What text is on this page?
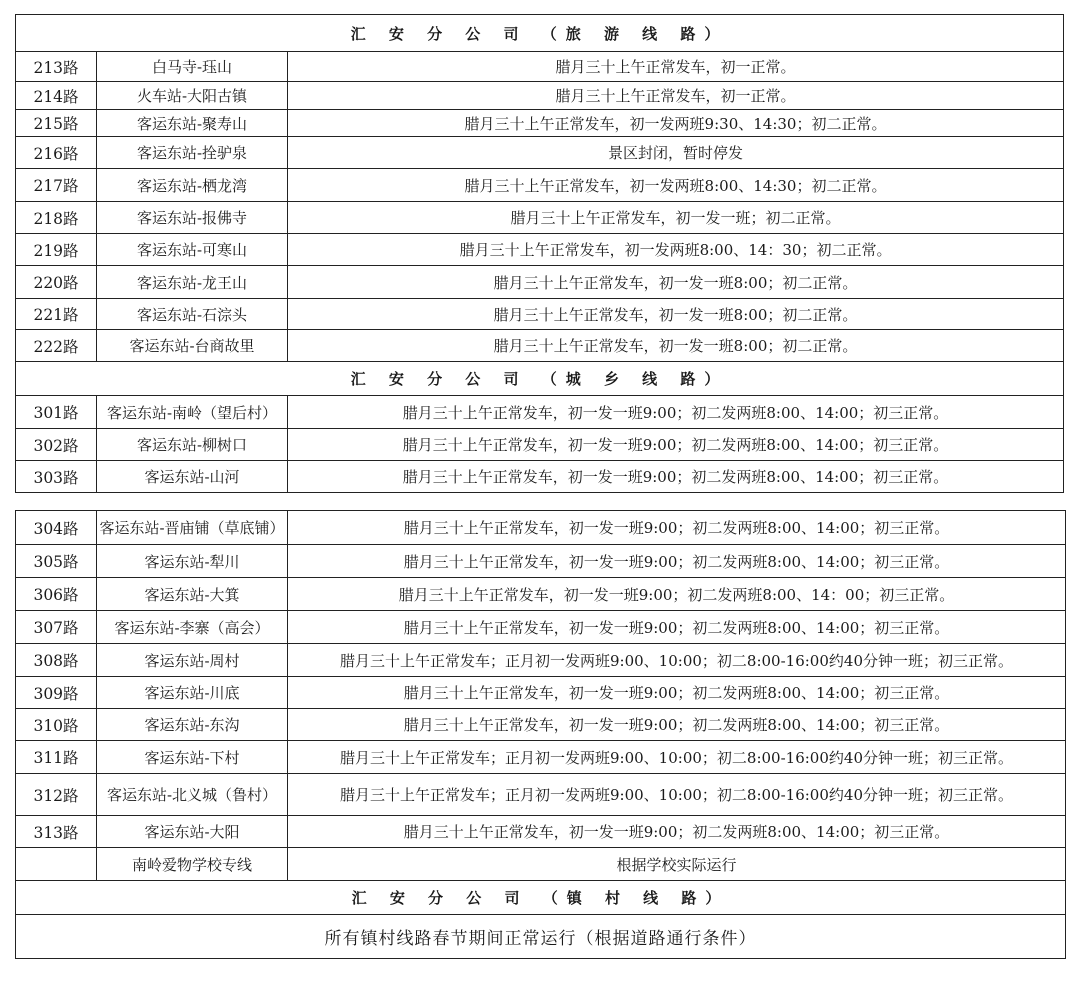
汇 安 分 公 司 （旅 游 线 路）		
213路	白马寺-珏山	腊月三十上午正常发车，初一正常。
214路	火车站-大阳古镇	腊月三十上午正常发车，初一正常。
215路	客运东站-聚寿山	腊月三十上午正常发车，初一发两班9:30、14:30；初二正常。
216路	客运东站-拴驴泉	景区封闭，暂时停发
217路	客运东站-栖龙湾	腊月三十上午正常发车，初一发两班8:00、14:30；初二正常。
218路	客运东站-报佛寺	腊月三十上午正常发车，初一发一班；初二正常。
219路	客运东站-可寒山	腊月三十上午正常发车，初一发两班8:00、14：30；初二正常。
220路	客运东站-龙王山	腊月三十上午正常发车，初一发一班8:00；初二正常。
221路	客运东站-石淙头	腊月三十上午正常发车，初一发一班8:00；初二正常。
222路	客运东站-台商故里	腊月三十上午正常发车，初一发一班8:00；初二正常。
汇 安 分 公 司 （城 乡 线 路）		
301路	客运东站-南岭（望后村）	腊月三十上午正常发车，初一发一班9:00；初二发两班8:00、14:00；初三正常。
302路	客运东站-柳树口	腊月三十上午正常发车，初一发一班9:00；初二发两班8:00、14:00；初三正常。
303路	客运东站-山河	腊月三十上午正常发车，初一发一班9:00；初二发两班8:00、14:00；初三正常。
304路	客运东站-晋庙铺（草底铺）	腊月三十上午正常发车，初一发一班9:00；初二发两班8:00、14:00；初三正常。
305路	客运东站-犁川	腊月三十上午正常发车，初一发一班9:00；初二发两班8:00、14:00；初三正常。
306路	客运东站-大箕	腊月三十上午正常发车，初一发一班9:00；初二发两班8:00、14：00；初三正常。
307路	客运东站-李寨（高会）	腊月三十上午正常发车，初一发一班9:00；初二发两班8:00、14:00；初三正常。
308路	客运东站-周村	腊月三十上午正常发车；正月初一发两班9:00、10:00；初二8:00-16:00约40分钟一班；初三正常。
309路	客运东站-川底	腊月三十上午正常发车，初一发一班9:00；初二发两班8:00、14:00；初三正常。
310路	客运东站-东沟	腊月三十上午正常发车，初一发一班9:00；初二发两班8:00、14:00；初三正常。
311路	客运东站-下村	腊月三十上午正常发车；正月初一发两班9:00、10:00；初二8:00-16:00约40分钟一班；初三正常。
312路	客运东站-北义城（鲁村）	腊月三十上午正常发车；正月初一发两班9:00、10:00；初二8:00-16:00约40分钟一班；初三正常。
313路	客运东站-大阳	腊月三十上午正常发车，初一发一班9:00；初二发两班8:00、14:00；初三正常。
	南岭爱物学校专线	根据学校实际运行
汇 安 分 公 司 （镇 村 线 路）		
所有镇村线路春节期间正常运行（根据道路通行条件）		
